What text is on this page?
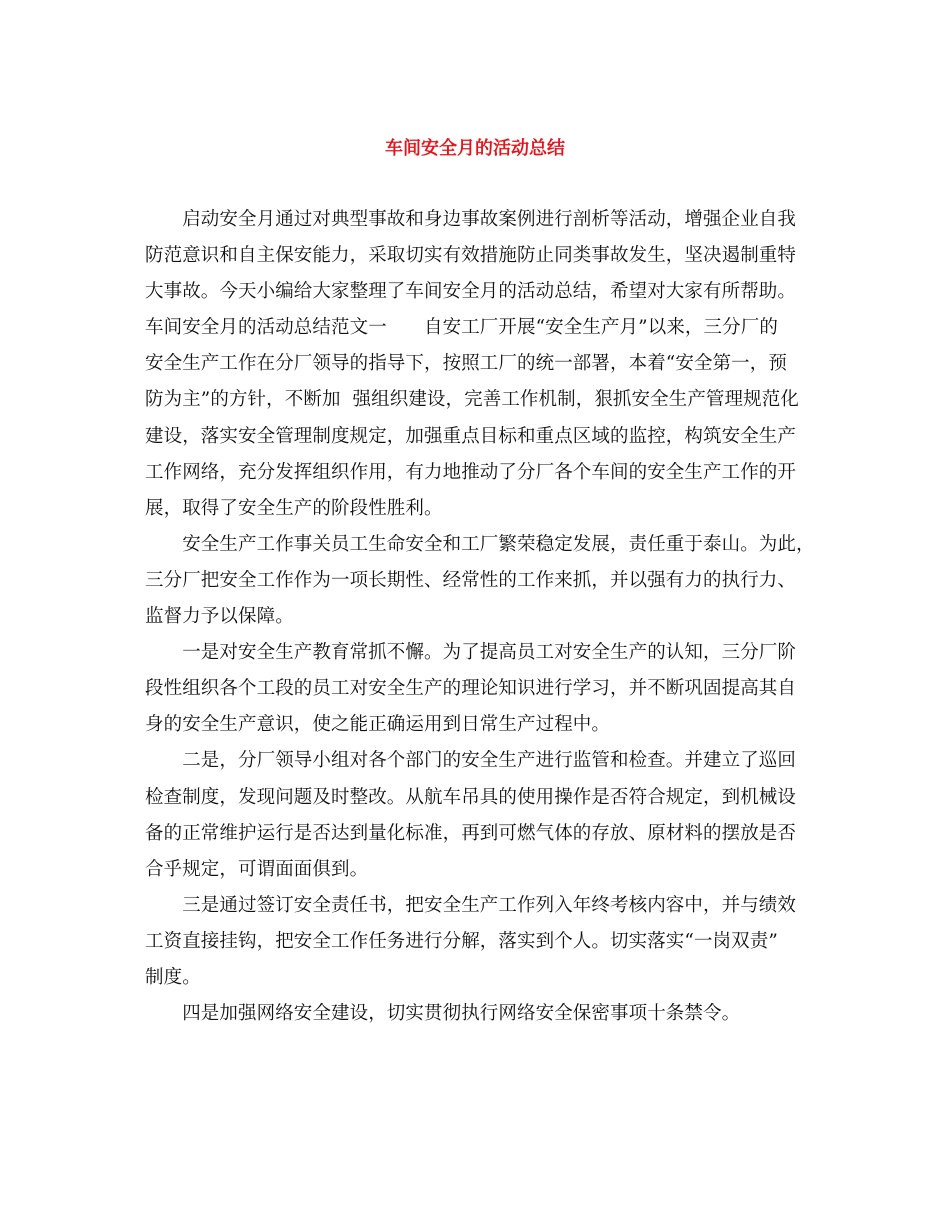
车间安全月的活动总结
　　启动安全月通过对典型事故和身边事故案例进行剖析等活动，增强企业自我
防范意识和自主保安能力，采取切实有效措施防止同类事故发生，坚决遏制重特
大事故。今天小编给大家整理了车间安全月的活动总结，希望对大家有所帮助。
车间安全月的活动总结范文一　　自安工厂开展“安全生产月”以来，三分厂的
安全生产工作在分厂领导的指导下，按照工厂的统一部署，本着“安全第一，预
防为主”的方针，不断加  强组织建设，完善工作机制，狠抓安全生产管理规范化
建设，落实安全管理制度规定，加强重点目标和重点区域的监控，构筑安全生产
工作网络，充分发挥组织作用，有力地推动了分厂各个车间的安全生产工作的开
展，取得了安全生产的阶段性胜利。
　　安全生产工作事关员工生命安全和工厂繁荣稳定发展，责任重于泰山。为此，
三分厂把安全工作作为一项长期性、经常性的工作来抓，并以强有力的执行力、
监督力予以保障。
　　一是对安全生产教育常抓不懈。为了提高员工对安全生产的认知，三分厂阶
段性组织各个工段的员工对安全生产的理论知识进行学习，并不断巩固提高其自
身的安全生产意识，使之能正确运用到日常生产过程中。
　　二是，分厂领导小组对各个部门的安全生产进行监管和检查。并建立了巡回
检查制度，发现问题及时整改。从航车吊具的使用操作是否符合规定，到机械设
备的正常维护运行是否达到量化标准，再到可燃气体的存放、原材料的摆放是否
合乎规定，可谓面面俱到。
　　三是通过签订安全责任书，把安全生产工作列入年终考核内容中，并与绩效
工资直接挂钩，把安全工作任务进行分解，落实到个人。切实落实“一岗双责”
制度。
　　四是加强网络安全建设，切实贯彻执行网络安全保密事项十条禁令。
